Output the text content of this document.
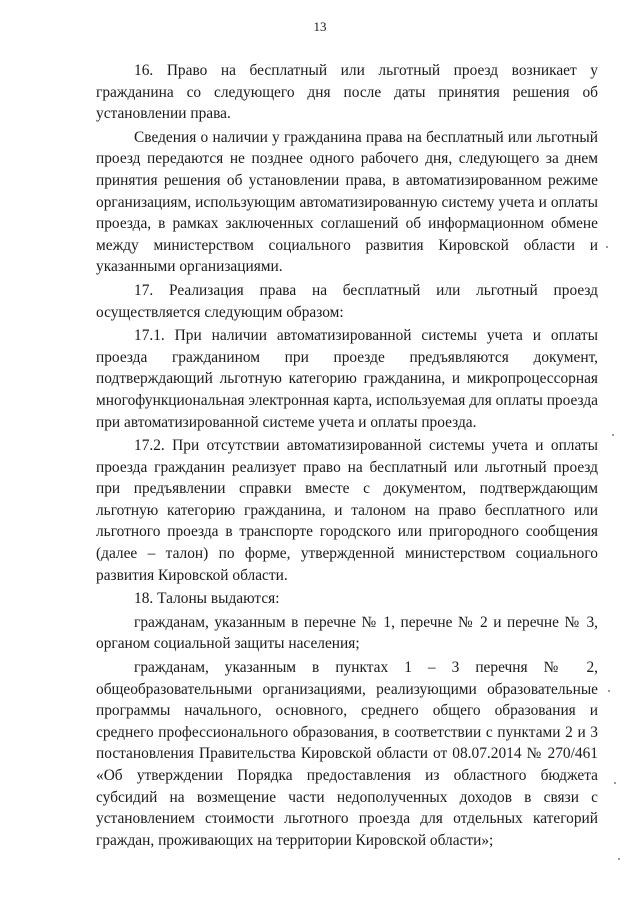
13

16. Право на бесплатный или льготный проезд возникает у гражданина со следующего дня после даты принятия решения об установлении права.

Сведения о наличии у гражданина права на бесплатный или льготный проезд передаются не позднее одного рабочего дня, следующего за днем принятия решения об установлении права, в автоматизированном режиме организациям, использующим автоматизированную систему учета и оплаты проезда, в рамках заключенных соглашений об информационном обмене между министерством социального развития Кировской области и указанными организациями.

17. Реализация права на бесплатный или льготный проезд осуществляется следующим образом:

17.1. При наличии автоматизированной системы учета и оплаты проезда гражданином при проезде предъявляются документ, подтверждающий льготную категорию гражданина, и микропроцессорная многофункциональная электронная карта, используемая для оплаты проезда при автоматизированной системе учета и оплаты проезда.

17.2. При отсутствии автоматизированной системы учета и оплаты проезда гражданин реализует право на бесплатный или льготный проезд при предъявлении справки вместе с документом, подтверждающим льготную категорию гражданина, и талоном на право бесплатного или льготного проезда в транспорте городского или пригородного сообщения (далее – талон) по форме, утвержденной министерством социального развития Кировской области.

18. Талоны выдаются:

гражданам, указанным в перечне № 1, перечне № 2 и перечне № 3, органом социальной защиты населения;

гражданам, указанным в пунктах 1 – 3 перечня № 2, общеобразовательными организациями, реализующими образовательные программы начального, основного, среднего общего образования и среднего профессионального образования, в соответствии с пунктами 2 и 3 постановления Правительства Кировской области от 08.07.2014 № 270/461 «Об утверждении Порядка предоставления из областного бюджета субсидий на возмещение части недополученных доходов в связи с установлением стоимости льготного проезда для отдельных категорий граждан, проживающих на территории Кировской области»;
